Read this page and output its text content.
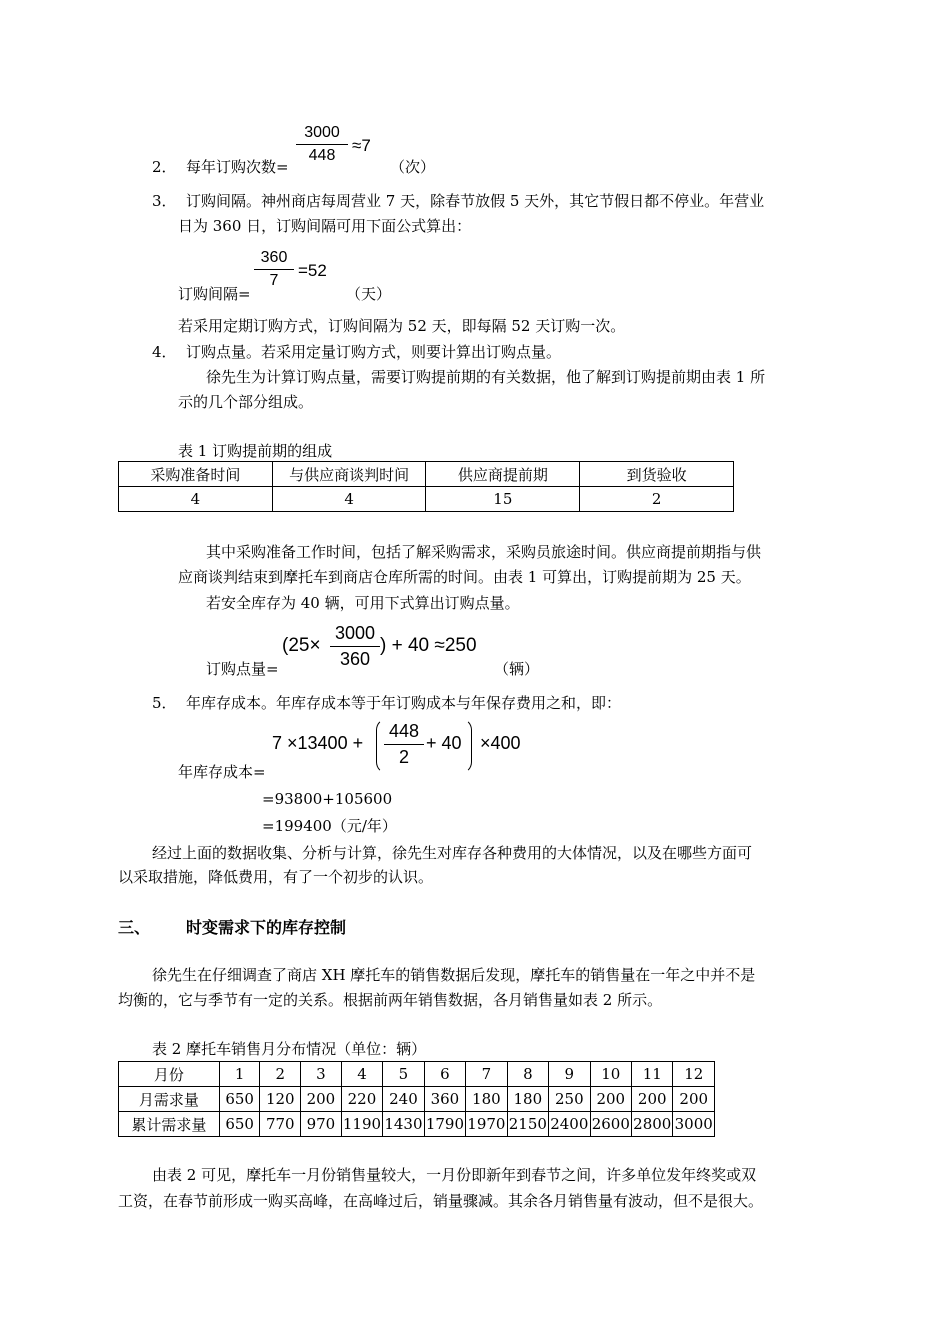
3000
448
≈7
2． 每年订购次数=	（次）
3． 订购间隔。神州商店每周营业 7 天，除春节放假 5 天外，其它节假日都不停业。年营业
日为 360 日，订购间隔可用下面公式算出：
360
7
=52
订购间隔=	（天）
若采用定期订购方式，订购间隔为 52 天，即每隔 52 天订购一次。
4． 订购点量。若采用定量订购方式，则要计算出订购点量。
徐先生为计算订购点量，需要订购提前期的有关数据，他了解到订购提前期由表 1 所
示的几个部分组成。
表 1 订购提前期的组成
采购准备时间	与供应商谈判时间	供应商提前期	到货验收
4	4	15	2
其中采购准备工作时间，包括了解采购需求，采购员旅途时间。供应商提前期指与供
应商谈判结束到摩托车到商店仓库所需的时间。由表 1 可算出，订购提前期为 25 天。
若安全库存为 40 辆，可用下式算出订购点量。
(25×
3000
360
) + 40 ≈250
订购点量=	（辆）
5． 年库存成本。年库存成本等于年订购成本与年保存费用之和，即：
7 ×13400 +
448
2
+ 40 ×400
年库存成本=
=93800+105600
=199400（元/年）
经过上面的数据收集、分析与计算，徐先生对库存各种费用的大体情况，以及在哪些方面可
以采取措施，降低费用，有了一个初步的认识。
三、 时变需求下的库存控制
徐先生在仔细调查了商店 XH 摩托车的销售数据后发现，摩托车的销售量在一年之中并不是
均衡的，它与季节有一定的关系。根据前两年销售数据，各月销售量如表 2 所示。
表 2 摩托车销售月分布情况（单位：辆）
月份	1	2	3	4	5	6	7	8	9	10	11	12
月需求量	650	120	200	220	240	360	180	180	250	200	200	200
累计需求量	650	770	970	1190	1430	1790	1970	2150	2400	2600	2800	3000
由表 2 可见，摩托车一月份销售量较大，一月份即新年到春节之间，许多单位发年终奖或双
工资，在春节前形成一购买高峰，在高峰过后，销量骤减。其余各月销售量有波动，但不是很大。
